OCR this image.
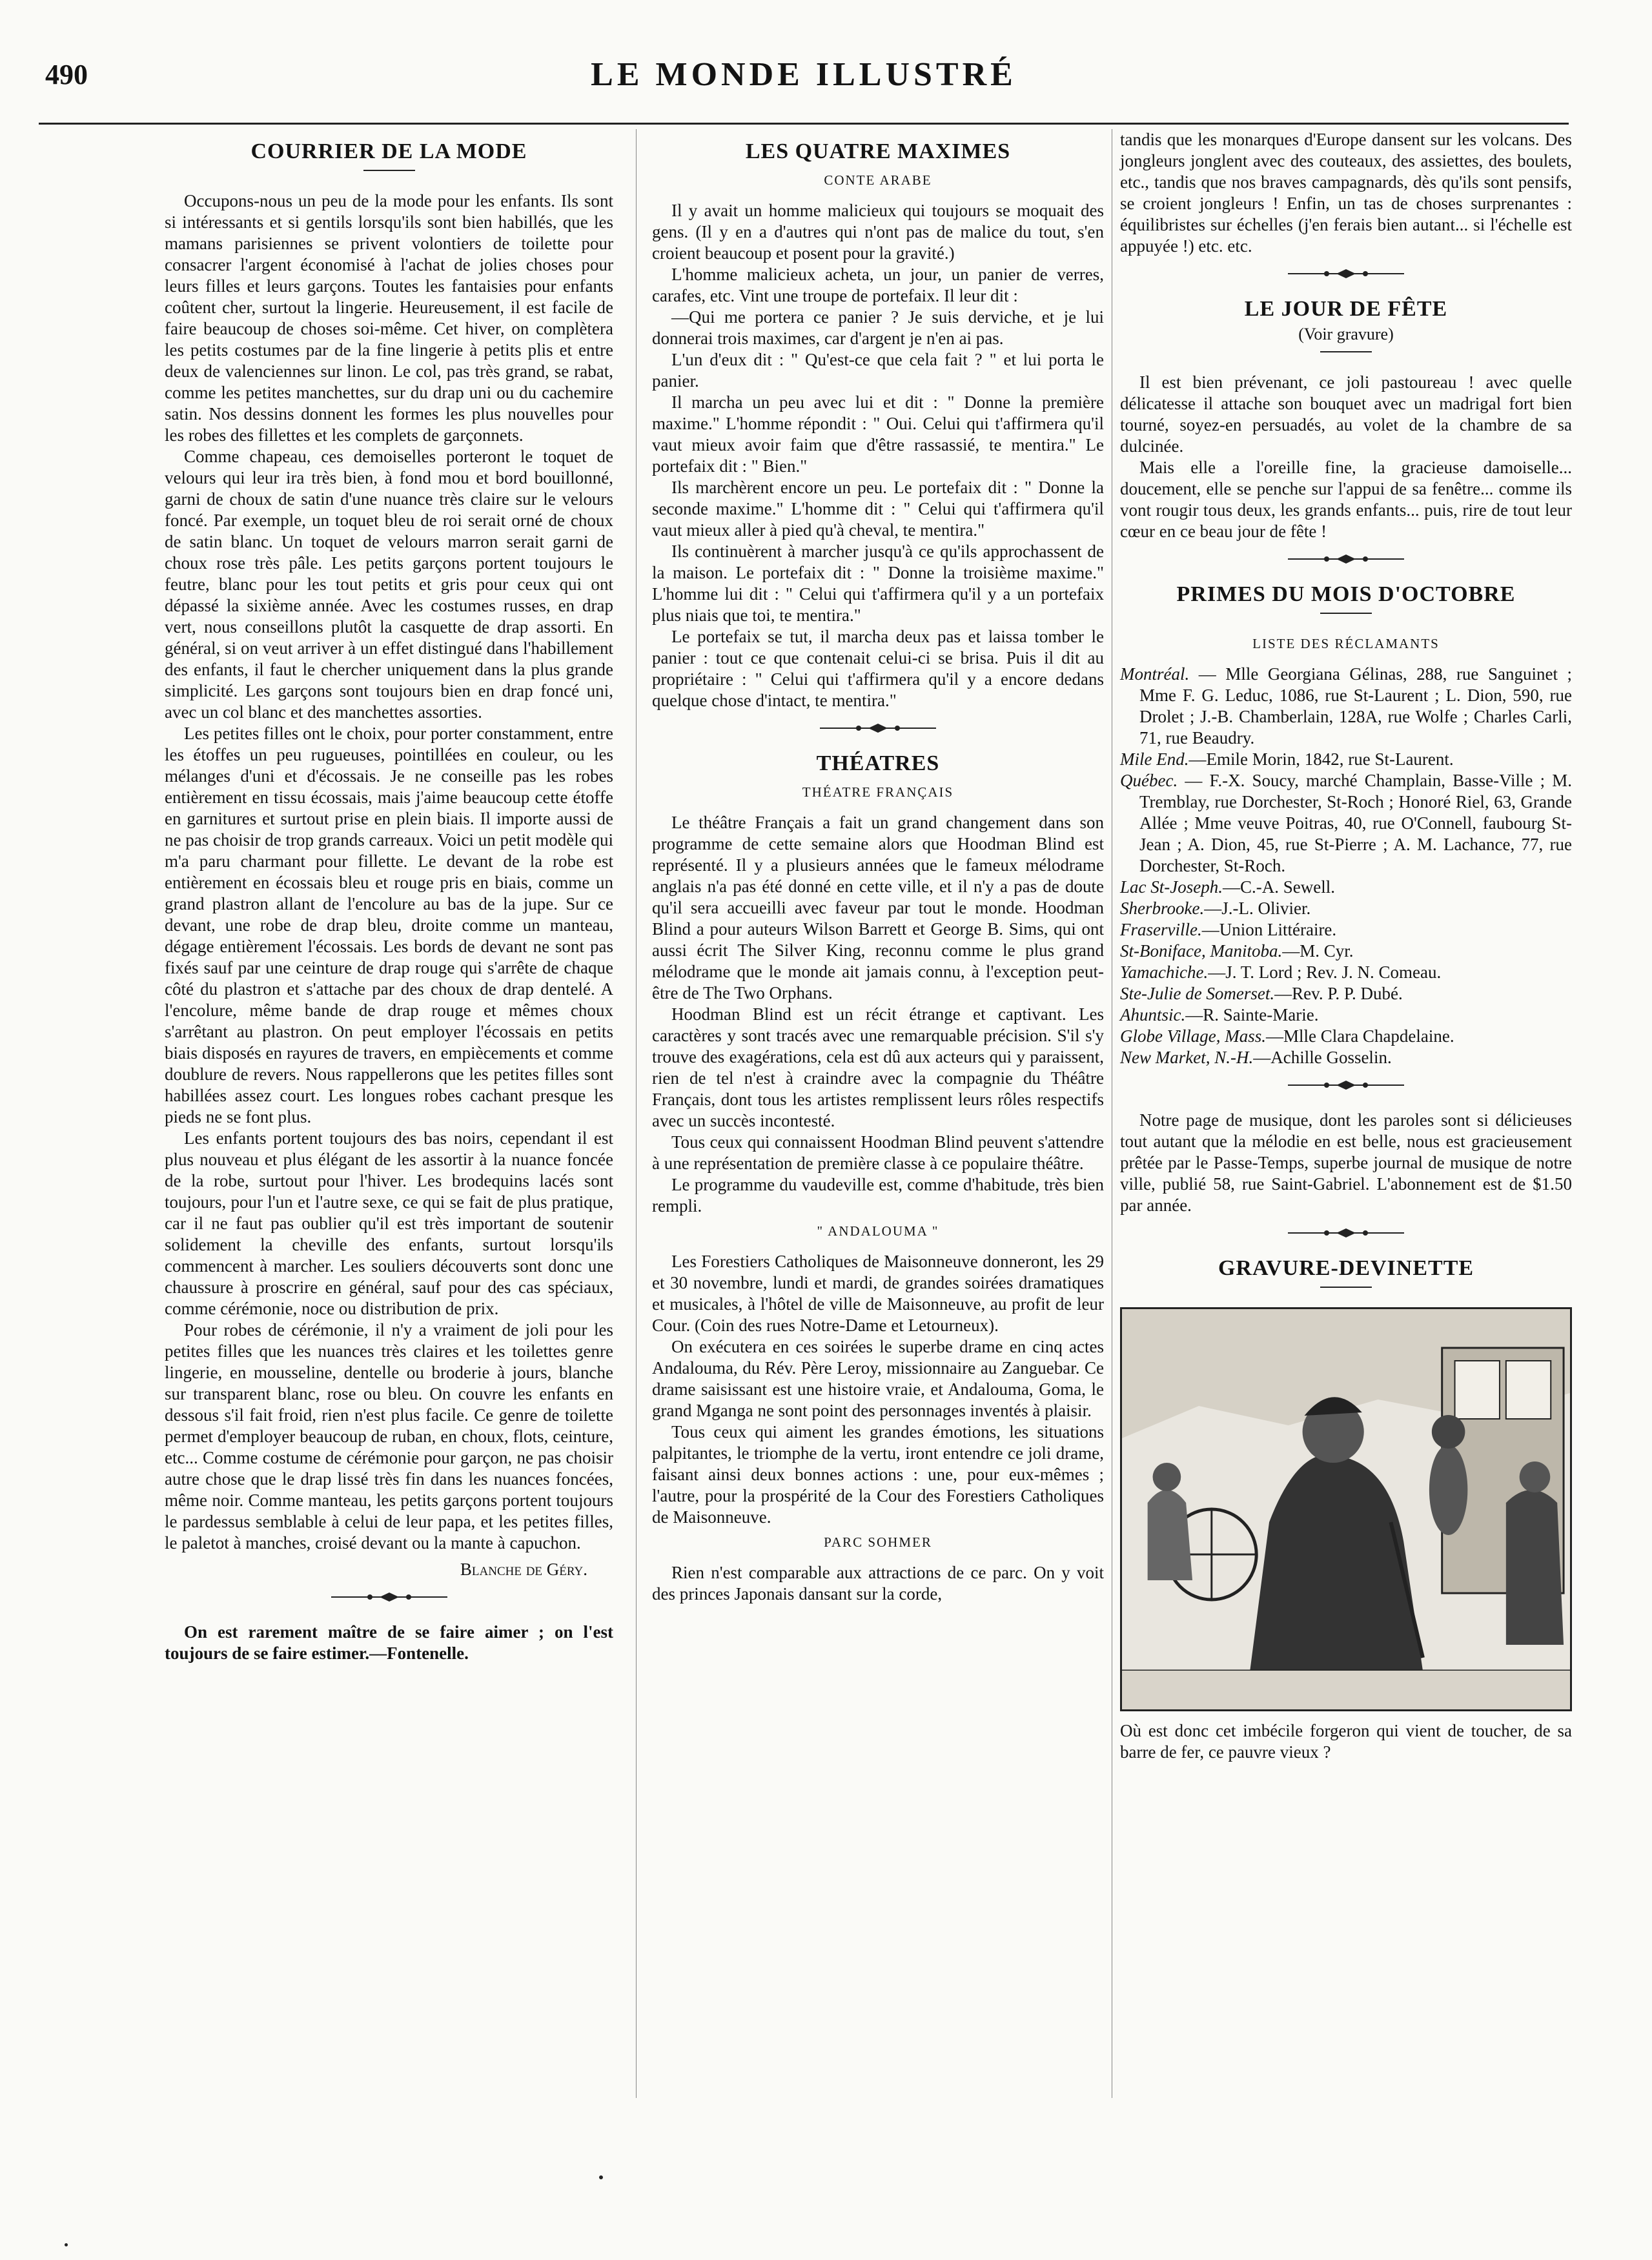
490	LE MONDE ILLUSTRÉ
COURRIER DE LA MODE

Occupons-nous un peu de la mode pour les enfants. Ils sont si intéressants et si gentils lorsqu'ils sont bien habillés, que les mamans parisiennes se privent volontiers de toilette pour consacrer l'argent économisé à l'achat de jolies choses pour leurs filles et leurs garçons. Toutes les fantaisies pour enfants coûtent cher, surtout la lingerie. Heureusement, il est facile de faire beaucoup de choses soi-même. Cet hiver, on complètera les petits costumes par de la fine lingerie à petits plis et entre deux de valenciennes sur linon. Le col, pas très grand, se rabat, comme les petites manchettes, sur du drap uni ou du cachemire satin. Nos dessins donnent les formes les plus nouvelles pour les robes des fillettes et les complets de garçonnets.

Comme chapeau, ces demoiselles porteront le toquet de velours qui leur ira très bien, à fond mou et bord bouillonné, garni de choux de satin d'une nuance très claire sur le velours foncé. Par exemple, un toquet bleu de roi serait orné de choux de satin blanc. Un toquet de velours marron serait garni de choux rose très pâle. Les petits garçons portent toujours le feutre, blanc pour les tout petits et gris pour ceux qui ont dépassé la sixième année. Avec les costumes russes, en drap vert, nous conseillons plutôt la casquette de drap assorti. En général, si on veut arriver à un effet distingué dans l'habillement des enfants, il faut le chercher uniquement dans la plus grande simplicité. Les garçons sont toujours bien en drap foncé uni, avec un col blanc et des manchettes assorties.

Les petites filles ont le choix, pour porter constamment, entre les étoffes un peu rugueuses, pointillées en couleur, ou les mélanges d'uni et d'écossais. Je ne conseille pas les robes entièrement en tissu écossais, mais j'aime beaucoup cette étoffe en garnitures et surtout prise en plein biais. Il importe aussi de ne pas choisir de trop grands carreaux. Voici un petit modèle qui m'a paru charmant pour fillette. Le devant de la robe est entièrement en écossais bleu et rouge pris en biais, comme un grand plastron allant de l'encolure au bas de la jupe. Sur ce devant, une robe de drap bleu, droite comme un manteau, dégage entièrement l'écossais. Les bords de devant ne sont pas fixés sauf par une ceinture de drap rouge qui s'arrête de chaque côté du plastron et s'attache par des choux de drap dentelé. A l'encolure, même bande de drap rouge et mêmes choux s'arrêtant au plastron. On peut employer l'écossais en petits biais disposés en rayures de travers, en empiècements et comme doublure de revers. Nous rappellerons que les petites filles sont habillées assez court. Les longues robes cachant presque les pieds ne se font plus.

Les enfants portent toujours des bas noirs, cependant il est plus nouveau et plus élégant de les assortir à la nuance foncée de la robe, surtout pour l'hiver. Les brodequins lacés sont toujours, pour l'un et l'autre sexe, ce qui se fait de plus pratique, car il ne faut pas oublier qu'il est très important de soutenir solidement la cheville des enfants, surtout lorsqu'ils commencent à marcher. Les souliers découverts sont donc une chaussure à proscrire en général, sauf pour des cas spéciaux, comme cérémonie, noce ou distribution de prix.

Pour robes de cérémonie, il n'y a vraiment de joli pour les petites filles que les nuances très claires et les toilettes genre lingerie, en mousseline, dentelle ou broderie à jours, blanche sur transparent blanc, rose ou bleu. On couvre les enfants en dessous s'il fait froid, rien n'est plus facile. Ce genre de toilette permet d'employer beaucoup de ruban, en choux, flots, ceinture, etc... Comme costume de cérémonie pour garçon, ne pas choisir autre chose que le drap lissé très fin dans les nuances foncées, même noir. Comme manteau, les petits garçons portent toujours le pardessus semblable à celui de leur papa, et les petites filles, le paletot à manches, croisé devant ou la mante à capuchon.

Blanche de Géry.

On est rarement maître de se faire aimer ; on l'est toujours de se faire estimer.—Fontenelle.

LES QUATRE MAXIMES
CONTE ARABE

Il y avait un homme malicieux qui toujours se moquait des gens. (Il y en a d'autres qui n'ont pas de malice du tout, s'en croient beaucoup et posent pour la gravité.)

L'homme malicieux acheta, un jour, un panier de verres, carafes, etc. Vint une troupe de portefaix. Il leur dit :

—Qui me portera ce panier ? Je suis derviche, et je lui donnerai trois maximes, car d'argent je n'en ai pas.

L'un d'eux dit : " Qu'est-ce que cela fait ? " et lui porta le panier.

Il marcha un peu avec lui et dit : " Donne la première maxime." L'homme répondit : " Oui. Celui qui t'affirmera qu'il vaut mieux avoir faim que d'être rassassié, te mentira." Le portefaix dit : " Bien."

Ils marchèrent encore un peu. Le portefaix dit : " Donne la seconde maxime." L'homme dit : " Celui qui t'affirmera qu'il vaut mieux aller à pied qu'à cheval, te mentira."

Ils continuèrent à marcher jusqu'à ce qu'ils approchassent de la maison. Le portefaix dit : " Donne la troisième maxime." L'homme lui dit : " Celui qui t'affirmera qu'il y a un portefaix plus niais que toi, te mentira."

Le portefaix se tut, il marcha deux pas et laissa tomber le panier : tout ce que contenait celui-ci se brisa. Puis il dit au propriétaire : " Celui qui t'affirmera qu'il y a encore dedans quelque chose d'intact, te mentira."

THÉATRES
THÉATRE FRANÇAIS

Le théâtre Français a fait un grand changement dans son programme de cette semaine alors que Hoodman Blind est représenté. Il y a plusieurs années que le fameux mélodrame anglais n'a pas été donné en cette ville, et il n'y a pas de doute qu'il sera accueilli avec faveur par tout le monde. Hoodman Blind a pour auteurs Wilson Barrett et George B. Sims, qui ont aussi écrit The Silver King, reconnu comme le plus grand mélodrame que le monde ait jamais connu, à l'exception peut-être de The Two Orphans.

Hoodman Blind est un récit étrange et captivant. Les caractères y sont tracés avec une remarquable précision. S'il s'y trouve des exagérations, cela est dû aux acteurs qui y paraissent, rien de tel n'est à craindre avec la compagnie du Théâtre Français, dont tous les artistes remplissent leurs rôles respectifs avec un succès incontesté.

Tous ceux qui connaissent Hoodman Blind peuvent s'attendre à une représentation de première classe à ce populaire théâtre.

Le programme du vaudeville est, comme d'habitude, très bien rempli.

" ANDALOUMA "

Les Forestiers Catholiques de Maisonneuve donneront, les 29 et 30 novembre, lundi et mardi, de grandes soirées dramatiques et musicales, à l'hôtel de ville de Maisonneuve, au profit de leur Cour. (Coin des rues Notre-Dame et Letourneux).

On exécutera en ces soirées le superbe drame en cinq actes Andalouma, du Rév. Père Leroy, missionnaire au Zanguebar. Ce drame saisissant est une histoire vraie, et Andalouma, Goma, le grand Mganga ne sont point des personnages inventés à plaisir.

Tous ceux qui aiment les grandes émotions, les situations palpitantes, le triomphe de la vertu, iront entendre ce joli drame, faisant ainsi deux bonnes actions : une, pour eux-mêmes ; l'autre, pour la prospérité de la Cour des Forestiers Catholiques de Maisonneuve.

PARC SOHMER

Rien n'est comparable aux attractions de ce parc. On y voit des princes Japonais dansant sur la corde,

tandis que les monarques d'Europe dansent sur les volcans. Des jongleurs jonglent avec des couteaux, des assiettes, des boulets, etc., tandis que nos braves campagnards, dès qu'ils sont pensifs, se croient jongleurs ! Enfin, un tas de choses surprenantes : équilibristes sur échelles (j'en ferais bien autant... si l'échelle est appuyée !) etc. etc.

LE JOUR DE FÊTE
(Voir gravure)

Il est bien prévenant, ce joli pastoureau ! avec quelle délicatesse il attache son bouquet avec un madrigal fort bien tourné, soyez-en persuadés, au volet de la chambre de sa dulcinée.

Mais elle a l'oreille fine, la gracieuse damoiselle... doucement, elle se penche sur l'appui de sa fenêtre... comme ils vont rougir tous deux, les grands enfants... puis, rire de tout leur cœur en ce beau jour de fête !

PRIMES DU MOIS D'OCTOBRE
LISTE DES RÉCLAMANTS

Montréal. — Mlle Georgiana Gélinas, 288, rue Sanguinet ; Mme F. G. Leduc, 1086, rue St-Laurent ; L. Dion, 590, rue Drolet ; J.-B. Chamberlain, 128A, rue Wolfe ; Charles Carli, 71, rue Beaudry.

Mile End.—Emile Morin, 1842, rue St-Laurent.

Québec. — F.-X. Soucy, marché Champlain, Basse-Ville ; M. Tremblay, rue Dorchester, St-Roch ; Honoré Riel, 63, Grande Allée ; Mme veuve Poitras, 40, rue O'Connell, faubourg St-Jean ; A. Dion, 45, rue St-Pierre ; A. M. Lachance, 77, rue Dorchester, St-Roch.

Lac St-Joseph.—C.-A. Sewell.

Sherbrooke.—J.-L. Olivier.

Fraserville.—Union Littéraire.

St-Boniface, Manitoba.—M. Cyr.

Yamachiche.—J. T. Lord ; Rev. J. N. Comeau.

Ste-Julie de Somerset.—Rev. P. P. Dubé.

Ahuntsic.—R. Sainte-Marie.

Globe Village, Mass.—Mlle Clara Chapdelaine.

New Market, N.-H.—Achille Gosselin.

Notre page de musique, dont les paroles sont si délicieuses tout autant que la mélodie en est belle, nous est gracieusement prêtée par le Passe-Temps, superbe journal de musique de notre ville, publié 58, rue Saint-Gabriel. L'abonnement est de $1.50 par année.

GRAVURE-DEVINETTE

Où est donc cet imbécile forgeron qui vient de toucher, de sa barre de fer, ce pauvre vieux ?
